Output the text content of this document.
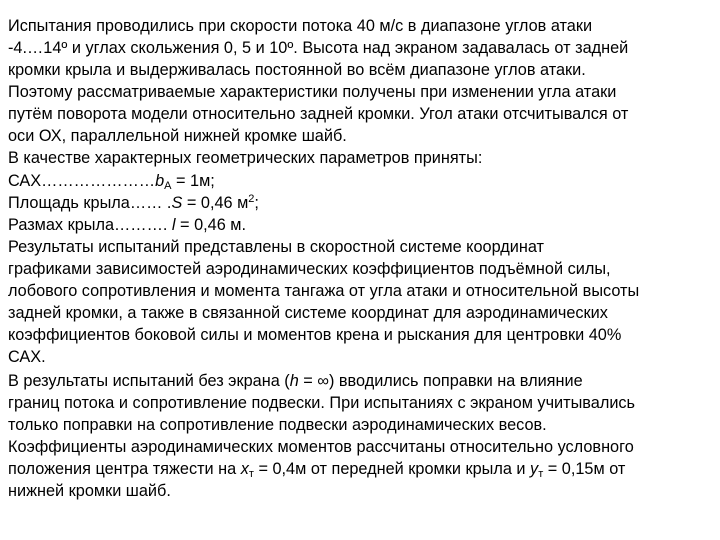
Испытания проводились при скорости потока 40 м/с в диапазоне углов атаки
-4.…14º и углах скольжения 0, 5 и 10º. Высота над экраном задавалась от задней
кромки крыла и выдерживалась постоянной во всём диапазоне углов атаки.
Поэтому рассматриваемые характеристики получены при изменении угла атаки
путём поворота модели относительно задней кромки. Угол атаки отсчитывался от
оси ОХ, параллельной нижней кромке шайб.
В качестве характерных геометрических параметров приняты:
$САХ\dots\dots\dots\dots\dots\dots\dots b_A = 1м$;
Площадь крыла…… .S = 0,46 $м^2$;
Размах крыла………. l = 0,46 м.
Результаты испытаний представлены в скоростной системе координат
графиками зависимостей аэродинамических коэффициентов подъёмной силы,
лобового сопротивления и момента тангажа от угла атаки и относительной высоты
задней кромки, а также в связанной системе координат для аэродинамических
коэффициентов боковой силы и моментов крена и рыскания для центровки 40%
САХ.
В результаты испытаний без экрана (h = ∞) вводились поправки на влияние
границ потока и сопротивление подвески. При испытаниях с экраном учитывались
только поправки на сопротивление подвески аэродинамических весов.
Коэффициенты аэродинамических моментов рассчитаны относительно условного
положения центра тяжести на $x_т = 0,4м$ от передней кромки крыла и $y_т = 0,15м$ от
нижней кромки шайб.
